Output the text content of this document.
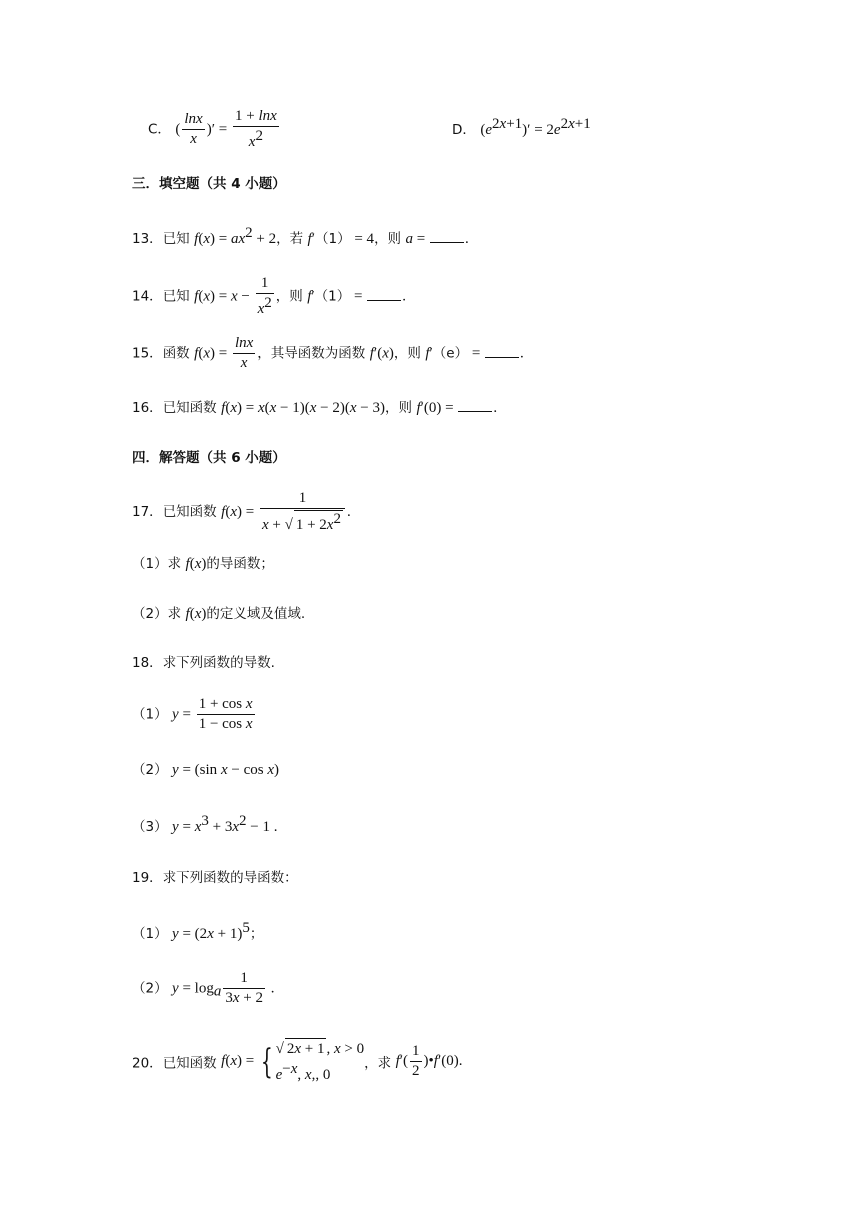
C． ( $\frac{\ln x}{x}$ )′ = $\frac{1 + \ln x}{x^2}$	D． $(e^{2x+1})' = 2e^{2x+1}$
三．填空题（共 4 小题）
13．已知 $f(x) = ax^2 + 2$，若 f′（1） = 4，则 a = .
14．已知 $f(x) = x - \frac{1}{x^2}$ ，则 f′（1） = .
15．函数 $f(x) = \frac{\ln x}{x}$ ，其导函数为函数 f′(x)，则 f′（e） = .
16．已知函数 f(x) = x(x − 1)(x − 2)(x − 3)，则 f′(0) = .
四．解答题（共 6 小题）
17．已知函数 $f(x) = \frac{1}{x + √ 1 + 2x^2}$ .
（1）求 f(x)的导函数；
（2）求 f(x)的定义域及值域.
18．求下列函数的导数.
（1） $y = \frac{\text{1 + cos x}}{\text{1 − cos x}}$
（2） y = (sin x − cos x)
（3） $y = x^3 + 3x^2 - 1$ .
19．求下列函数的导函数：
（1） $y = (2x + 1)^5$；
（2） $y = \log_a \frac{1}{3x + 2}$ .
20．已知函数 f(x) = { √ 2x + 1 , x > 0
$e^{-x}$, x,, 0
，求 $f'( \frac{1}{2}$ )•f′(0).
